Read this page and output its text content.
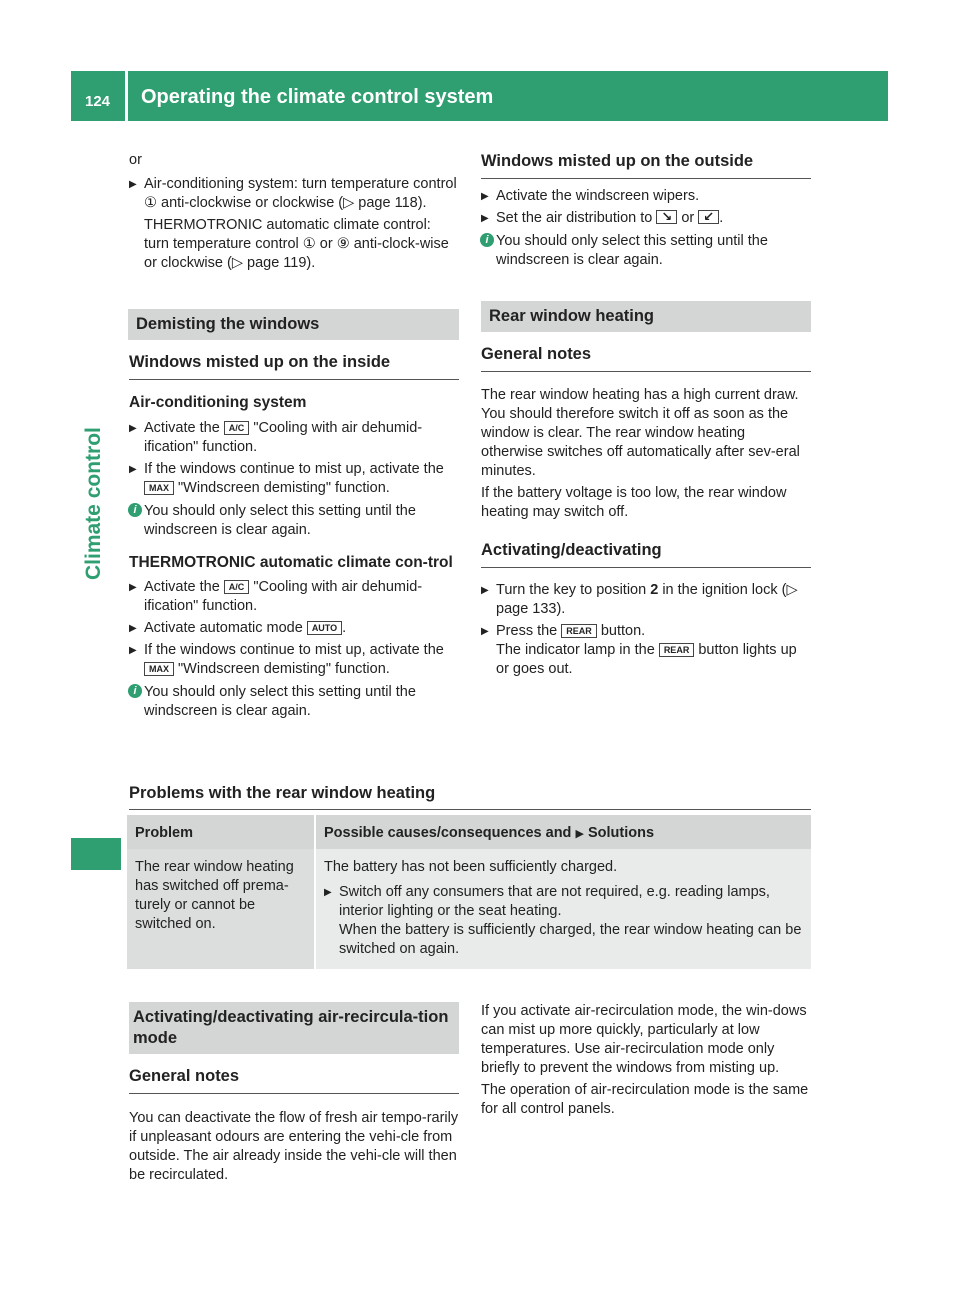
124 Operating the climate control system
Climate control

or

▶ Air-conditioning system: turn temperature control ① anti-clockwise or clockwise (▷ page 118).

THERMOTRONIC automatic climate control: turn temperature control ① or ⑨ anti-clock-wise or clockwise (▷ page 119).

Demisting the windows
Windows misted up on the inside
Air-conditioning system

▶ Activate the A/C "Cooling with air dehumid-ification" function.

▶ If the windows continue to mist up, activate the MAX "Windscreen demisting" function.

i You should only select this setting until the windscreen is clear again.

THERMOTRONIC automatic climate con-trol

▶ Activate the A/C "Cooling with air dehumid-ification" function.

▶ Activate automatic mode AUTO .

▶ If the windows continue to mist up, activate the MAX "Windscreen demisting" function.

i You should only select this setting until the windscreen is clear again.

Windows misted up on the outside

▶ Activate the windscreen wipers.

▶ Set the air distribution to ↘ or ↙ .

i You should only select this setting until the windscreen is clear again.

Rear window heating
General notes

The rear window heating has a high current draw. You should therefore switch it off as soon as the window is clear. The rear window heating otherwise switches off automatically after sev-eral minutes.

If the battery voltage is too low, the rear window heating may switch off.

Activating/deactivating

▶ Turn the key to position 2 in the ignition lock (▷ page 133).

▶ Press the REAR button.

The indicator lamp in the REAR button lights up or goes out.

Problems with the rear window heating
Problem	Possible causes/consequences and ▶ Solutions
The rear window heating has switched off prema-turely or cannot be switched on.

The battery has not been sufficiently charged.

▶ Switch off any consumers that are not required, e.g. reading lamps, interior lighting or the seat heating.

When the battery is sufficiently charged, the rear window heating can be switched on again.

Activating/deactivating air-recircula-tion mode
General notes

You can deactivate the flow of fresh air tempo-rarily if unpleasant odours are entering the vehi-cle from outside. The air already inside the vehi-cle will then be recirculated.

If you activate air-recirculation mode, the win-dows can mist up more quickly, particularly at low temperatures. Use air-recirculation mode only briefly to prevent the windows from misting up.

The operation of air-recirculation mode is the same for all control panels.
